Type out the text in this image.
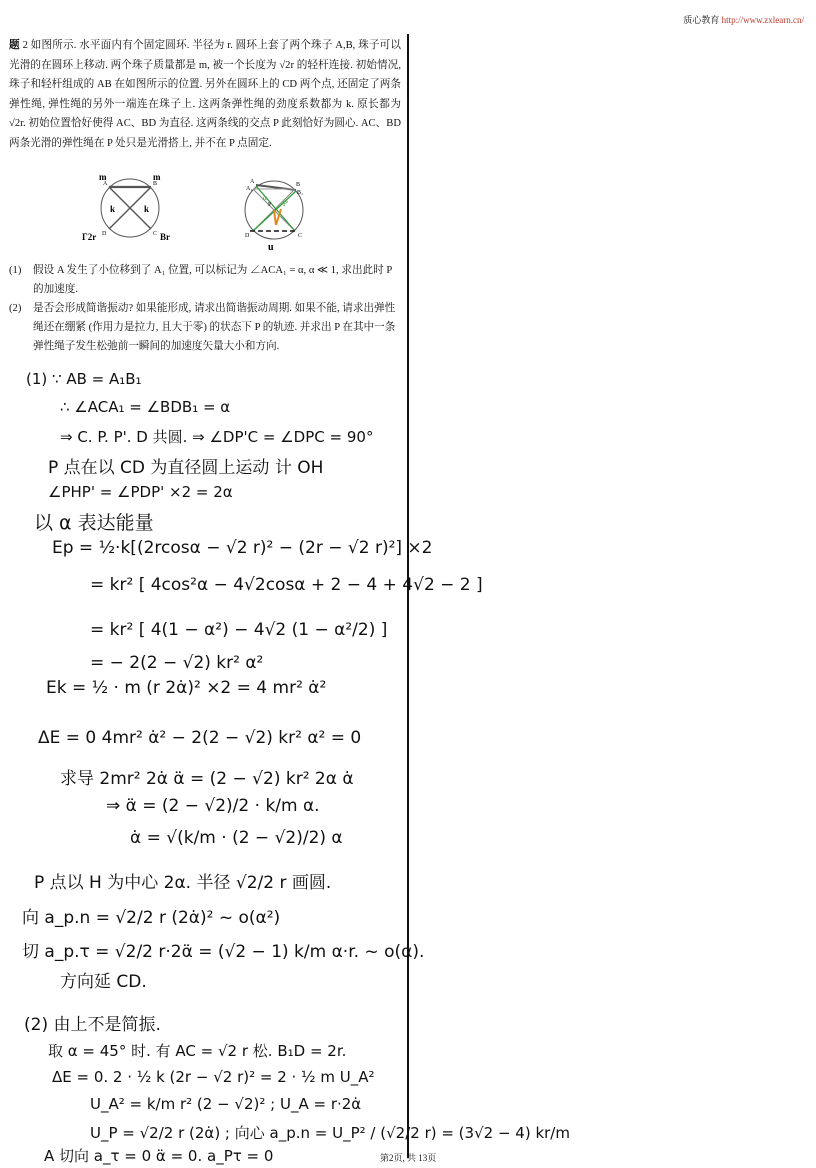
质心教育 http://www.zxlearn.cn/
题 2 如图所示. 水平面内有个固定圆环. 半径为 r. 圆环上套了两个珠子 A,B, 珠子可以光滑的在圆环上移动. 两个珠子质量都是 m, 被一个长度为 √2r 的轻杆连接. 初始情况, 珠子和轻杆组成的 AB 在如图所示的位置. 另外在圆环上的 CD 两个点, 还固定了两条弹性绳, 弹性绳的另外一端连在珠子上. 这两条弹性绳的劲度系数都为 k. 原长都为 √2r. 初始位置恰好使得 AC、BD 为直径. 这两条线的交点 P 此刻恰好为圆心. AC、BD 两条光滑的弹性绳在 P 处只是光滑搭上, 并不在 P 点固定.
A	B
C
D
m	m
k	k
Γ2r	Br
A
A₁
B
B₁
C
D
P P'
α
u
(1) 假设 A 发生了小位移到了 A₁ 位置, 可以标记为 ∠ACA₁ = α, α ≪ 1, 求出此时 P 的加速度.
(2) 是否会形成简谐振动? 如果能形成, 请求出简谐振动周期. 如果不能, 请求出弹性绳还在绷紧 (作用力是拉力, 且大于零) 的状态下 P 的轨迹. 并求出 P 在其中一条弹性绳子发生松弛前一瞬间的加速度矢量大小和方向.
(1) ∵ AB = A₁B₁
∴ ∠ACA₁ = ∠BDB₁ = α
⇒ C. P. P'. D 共圆. ⇒ ∠DP'C = ∠DPC = 90°
P 点在以 CD 为直径圆上运动 计 OH
∠PHP' = ∠PDP' ×2 = 2α
以 α 表达能量
Ep = ½·k[(2rcosα − √2 r)² − (2r − √2 r)²] ×2
= kr² [ 4cos²α − 4√2cosα + 2 − 4 + 4√2 − 2 ]
= kr² [ 4(1 − α²) − 4√2 (1 − α²/2) ]
= − 2(2 − √2) kr² α²
Ek = ½ · m (r 2α̇)² ×2 = 4 mr² α̇²
ΔE = 0 4mr² α̇² − 2(2 − √2) kr² α² = 0
求导 2mr² 2α̇ α̈ = (2 − √2) kr² 2α α̇
⇒ α̈ = (2 − √2)/2 · k/m α.
α̇ = √(k/m · (2 − √2)/2) α
P 点以 H 为中心 2α. 半径 √2/2 r 画圆.
向 a_p.n = √2/2 r (2α̇)² ~ o(α²)
切 a_p.τ = √2/2 r·2α̈ = (√2 − 1) k/m α·r. ~ o(α).
方向延 CD.
(2) 由上不是简振.
取 α = 45° 时. 有 AC = √2 r 松. B₁D = 2r.
ΔE = 0. 2 · ½ k (2r − √2 r)² = 2 · ½ m U_A²
U_A² = k/m r² (2 − √2)² ; U_A = r·2α̇
U_P = √2/2 r (2α̇) ; 向心 a_p.n = U_P² / (√2/2 r) = (3√2 − 4) kr/m
A 切向 a_τ = 0 α̈ = 0. a_Pτ = 0	第2页, 共 13页
